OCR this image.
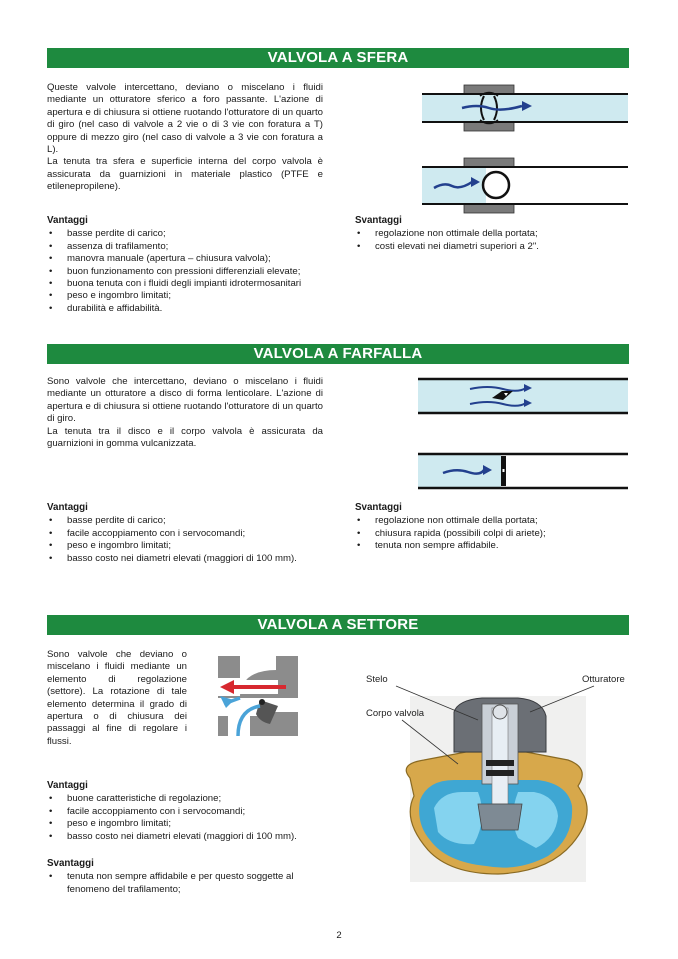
VALVOLA A SFERA

Queste valvole intercettano, deviano o miscelano i fluidi mediante un otturatore sferico a foro passante. L'azione di apertura e di chiusura si ottiene ruotando l'otturatore di un quarto di giro (nel caso di valvole a 2 vie o di 3 vie con foratura a T) oppure di mezzo giro (nel caso di valvole a 3 vie con foratura a L).

La tenuta tra sfera e superficie interna del corpo valvola è assicurata da guarnizioni in materiale plastico (PTFE e etilenepropilene).

Vantaggi
• basse perdite di carico;
• assenza di trafilamento;
• manovra manuale (apertura – chiusura valvola);
• buon funzionamento con pressioni differenziali elevate;
• buona tenuta con i fluidi degli impianti idrotermosanitari
• peso e ingombro limitati;
• durabilità e affidabilità.
Svantaggi
• regolazione non ottimale della portata;
• costi elevati nei diametri superiori a 2".
VALVOLA A FARFALLA

Sono valvole che intercettano, deviano o miscelano i fluidi mediante un otturatore a disco di forma lenticolare. L'azione di apertura e di chiusura si ottiene ruotando l'otturatore di un quarto di giro.

La tenuta tra il disco e il corpo valvola è assicurata da guarnizioni in gomma vulcanizzata.

Vantaggi
• basse perdite di carico;
• facile accoppiamento con i servocomandi;
• peso e ingombro limitati;
• basso costo nei diametri elevati (maggiori di 100 mm).
Svantaggi
• regolazione non ottimale della portata;
• chiusura rapida (possibili colpi di ariete);
• tenuta non sempre affidabile.
VALVOLA A SETTORE

Sono valvole che deviano o miscelano i fluidi mediante un elemento di regolazione (settore). La rotazione di tale elemento determina il grado di apertura o di chiusura dei passaggi al fine di regolare i flussi.

Stelo	Otturatore
Corpo valvola
Vantaggi
• buone caratteristiche di regolazione;
• facile accoppiamento con i servocomandi;
• peso e ingombro limitati;
• basso costo nei diametri elevati (maggiori di 100 mm).
Svantaggi
• tenuta non sempre affidabile e per questo soggette al fenomeno del trafilamento;
2
